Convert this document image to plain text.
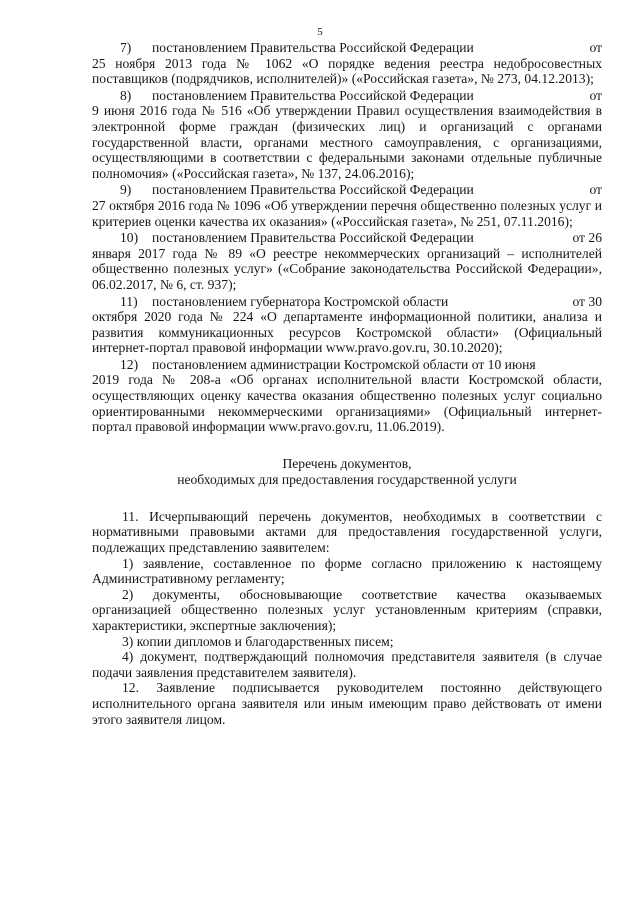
5
7)	постановлением Правительства Российской Федерации	от
25 ноября 2013 года № 1062 «О порядке ведения реестра недобросовестных поставщиков (подрядчиков, исполнителей)» («Российская газета», № 273, 04.12.2013);
8)	постановлением Правительства Российской Федерации	от
9 июня 2016 года № 516 «Об утверждении Правил осуществления взаимодействия в электронной форме граждан (физических лиц) и организаций с органами государственной власти, органами местного самоуправления, с организациями, осуществляющими в соответствии с федеральными законами отдельные публичные полномочия» («Российская газета», № 137, 24.06.2016);
9)	постановлением Правительства Российской Федерации	от
27 октября 2016 года № 1096 «Об утверждении перечня общественно полезных услуг и критериев оценки качества их оказания» («Российская газета», № 251, 07.11.2016);
10)	постановлением Правительства Российской Федерации	от 26
января 2017 года № 89 «О реестре некоммерческих организаций – исполнителей общественно полезных услуг» («Собрание законодательства Российской Федерации», 06.02.2017, № 6, ст. 937);
11)	постановлением губернатора Костромской области	от 30
октября 2020 года № 224 «О департаменте информационной политики, анализа и развития коммуникационных ресурсов Костромской области» (Официальный интернет-портал правовой информации www.pravo.gov.ru, 30.10.2020);
12)	постановлением администрации Костромской области от 10 июня
2019 года № 208-а «Об органах исполнительной власти Костромской области, осуществляющих оценку качества оказания общественно полезных услуг социально ориентированными некоммерческими организациями» (Официальный интернет-портал правовой информации www.pravo.gov.ru, 11.06.2019).
Перечень документов,
необходимых для предоставления государственной услуги

11. Исчерпывающий перечень документов, необходимых в соответствии с нормативными правовыми актами для предоставления государственной услуги, подлежащих представлению заявителем:

1) заявление, составленное по форме согласно приложению к настоящему Административному регламенту;

2) документы, обосновывающие соответствие качества оказываемых организацией общественно полезных услуг установленным критериям (справки, характеристики, экспертные заключения);

3) копии дипломов и благодарственных писем;

4) документ, подтверждающий полномочия представителя заявителя (в случае подачи заявления представителем заявителя).

12. Заявление подписывается руководителем постоянно действующего исполнительного органа заявителя или иным имеющим право действовать от имени этого заявителя лицом.
